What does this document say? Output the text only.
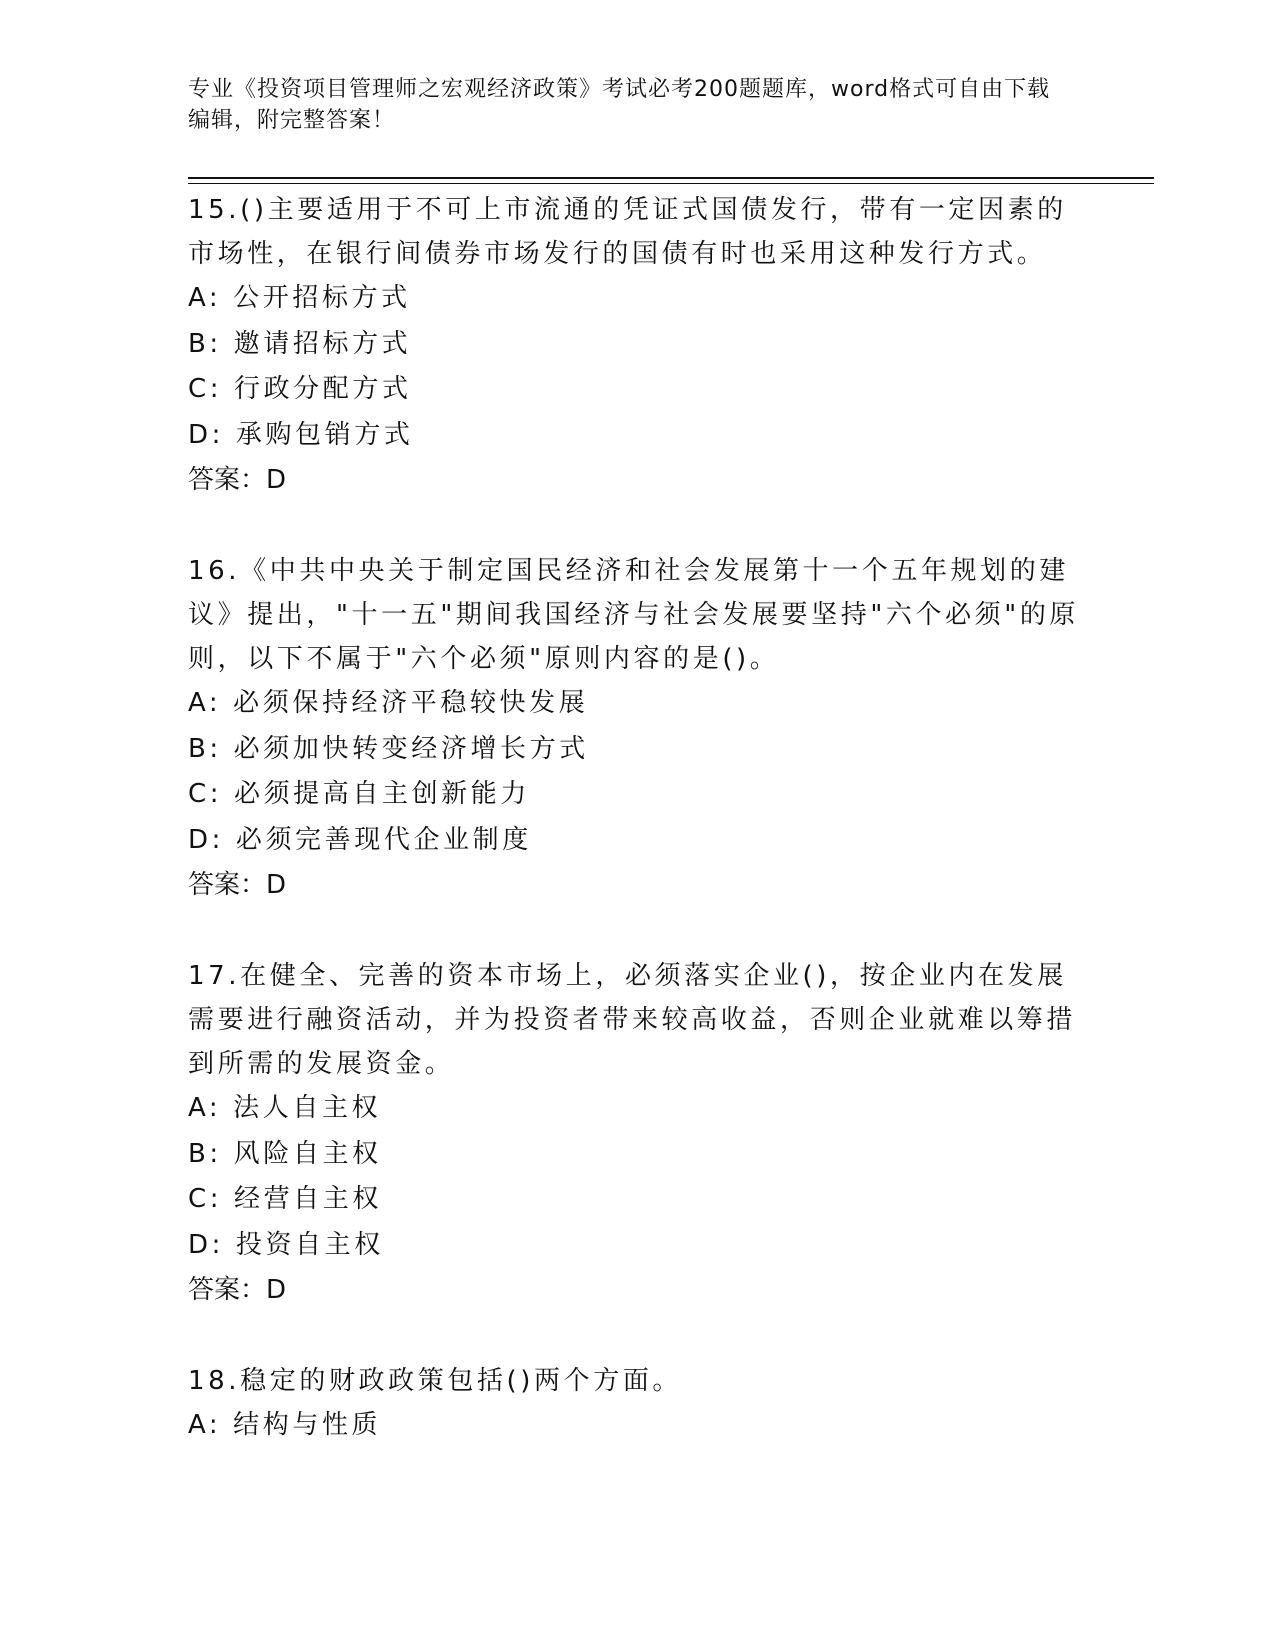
专业《投资项目管理师之宏观经济政策》考试必考200题题库，word格式可自由下载编辑，附完整答案！

15.()主要适用于不可上市流通的凭证式国债发行，带有一定因素的市场性，在银行间债券市场发行的国债有时也采用这种发行方式。

A: 公开招标方式

B: 邀请招标方式

C: 行政分配方式

D: 承购包销方式

答案：D

16.《中共中央关于制定国民经济和社会发展第十一个五年规划的建议》提出，"十一五"期间我国经济与社会发展要坚持"六个必须"的原则，以下不属于"六个必须"原则内容的是()。

A: 必须保持经济平稳较快发展

B: 必须加快转变经济增长方式

C: 必须提高自主创新能力

D: 必须完善现代企业制度

答案：D

17.在健全、完善的资本市场上，必须落实企业()，按企业内在发展需要进行融资活动，并为投资者带来较高收益，否则企业就难以筹措到所需的发展资金。

A: 法人自主权

B: 风险自主权

C: 经营自主权

D: 投资自主权

答案：D

18.稳定的财政政策包括()两个方面。

A: 结构与性质
